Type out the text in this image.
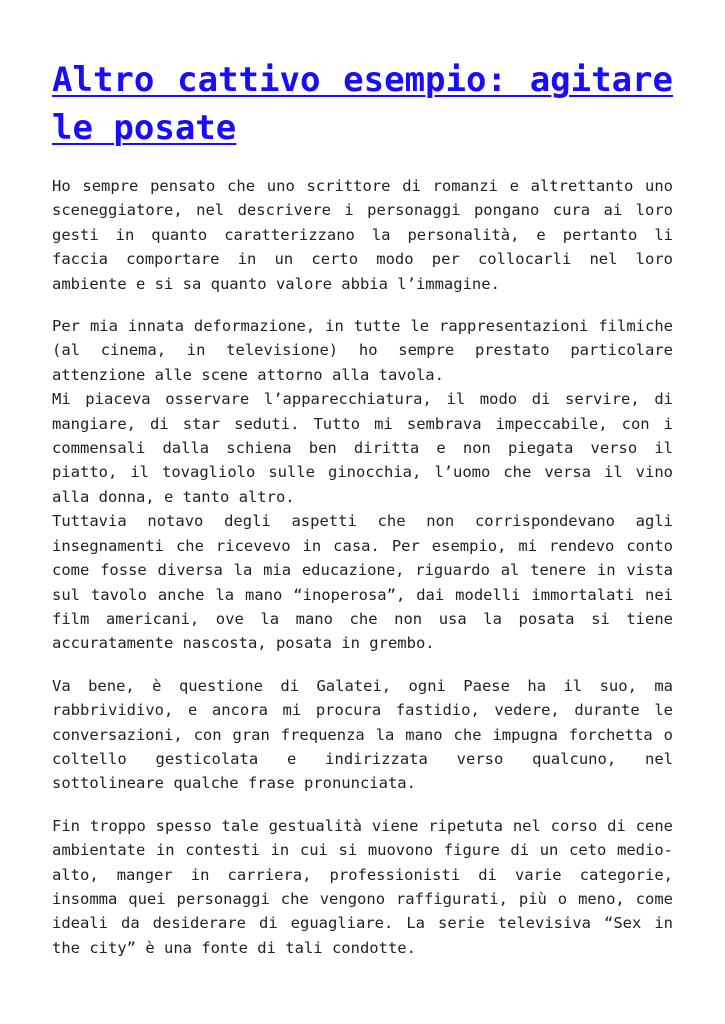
Altro cattivo esempio: agitare le posate

Ho sempre pensato che uno scrittore di romanzi e altrettanto uno sceneggiatore, nel descrivere i personaggi pongano cura ai loro gesti in quanto caratterizzano la personalità, e pertanto li faccia comportare in un certo modo per collocarli nel loro ambiente e si sa quanto valore abbia l’immagine.

Per mia innata deformazione, in tutte le rappresentazioni filmiche (al cinema, in televisione) ho sempre prestato particolare attenzione alle scene attorno alla tavola.
Mi piaceva osservare l’apparecchiatura, il modo di servire, di mangiare, di star seduti. Tutto mi sembrava impeccabile, con i commensali dalla schiena ben diritta e non piegata verso il piatto, il tovagliolo sulle ginocchia, l’uomo che versa il vino alla donna, e tanto altro.
Tuttavia notavo degli aspetti che non corrispondevano agli insegnamenti che ricevevo in casa. Per esempio, mi rendevo conto come fosse diversa la mia educazione, riguardo al tenere in vista sul tavolo anche la mano “inoperosa”, dai modelli immortalati nei film americani, ove la mano che non usa la posata si tiene accuratamente nascosta, posata in grembo.

Va bene, è questione di Galatei, ogni Paese ha il suo, ma rabbrividivo, e ancora mi procura fastidio, vedere, durante le conversazioni, con gran frequenza la mano che impugna forchetta o coltello gesticolata e indirizzata verso qualcuno, nel sottolineare qualche frase pronunciata.

Fin troppo spesso tale gestualità viene ripetuta nel corso di cene ambientate in contesti in cui si muovono figure di un ceto medio-alto, manger in carriera, professionisti di varie categorie, insomma quei personaggi che vengono raffigurati, più o meno, come ideali da desiderare di eguagliare. La serie televisiva “Sex in the city” è una fonte di tali condotte.
